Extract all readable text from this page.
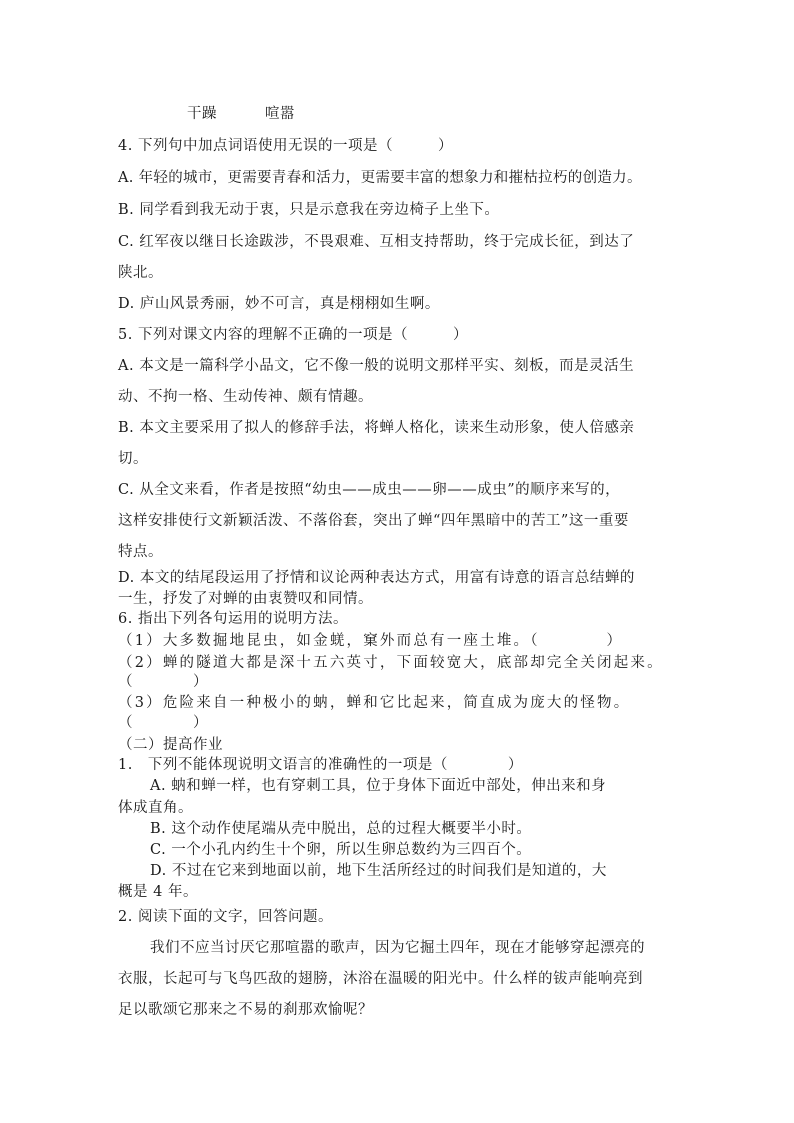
干躁	喧嚣
4. 下列句中加点词语使用无误的一项是（　　　）
A. 年轻的城市，更需要青春和活力，更需要丰富的想象力和摧枯拉朽的创造力。
B. 同学看到我无动于衷，只是示意我在旁边椅子上坐下。
C. 红军夜以继日长途跋涉，不畏艰难、互相支持帮助，终于完成长征，到达了
陕北。
D. 庐山风景秀丽，妙不可言，真是栩栩如生啊。
5. 下列对课文内容的理解不正确的一项是（　　　）
A. 本文是一篇科学小品文，它不像一般的说明文那样平实、刻板，而是灵活生
动、不拘一格、生动传神、颇有情趣。
B. 本文主要采用了拟人的修辞手法，将蝉人格化，读来生动形象，使人倍感亲
切。
C. 从全文来看，作者是按照“幼虫——成虫——卵——成虫”的顺序来写的，
这样安排使行文新颖活泼、不落俗套，突出了蝉“四年黑暗中的苦工”这一重要
特点。
D. 本文的结尾段运用了抒情和议论两种表达方式，用富有诗意的语言总结蝉的
一生，抒发了对蝉的由衷赞叹和同情。
6. 指出下列各句运用的说明方法。
（1）大多数掘地昆虫，如金蜣，窠外而总有一座土堆。（　　　　）
（2）蝉的隧道大都是深十五六英寸，下面较宽大，底部却完全关闭起来。
（　　　　）
（3）危险来自一种极小的蚋，蝉和它比起来，简直成为庞大的怪物。
（　　　　）
（二）提高作业
1.　下列不能体现说明文语言的准确性的一项是（　　　　）
A. 蚋和蝉一样，也有穿刺工具，位于身体下面近中部处，伸出来和身
体成直角。
B. 这个动作使尾端从壳中脱出，总的过程大概要半小时。
C. 一个小孔内约生十个卵，所以生卵总数约为三四百个。
D. 不过在它来到地面以前，地下生活所经过的时间我们是知道的，大
概是 4 年。
2. 阅读下面的文字，回答问题。
我们不应当讨厌它那喧嚣的歌声，因为它掘土四年，现在才能够穿起漂亮的
衣服，长起可与飞鸟匹敌的翅膀，沐浴在温暖的阳光中。什么样的钹声能响亮到
足以歌颂它那来之不易的刹那欢愉呢？
